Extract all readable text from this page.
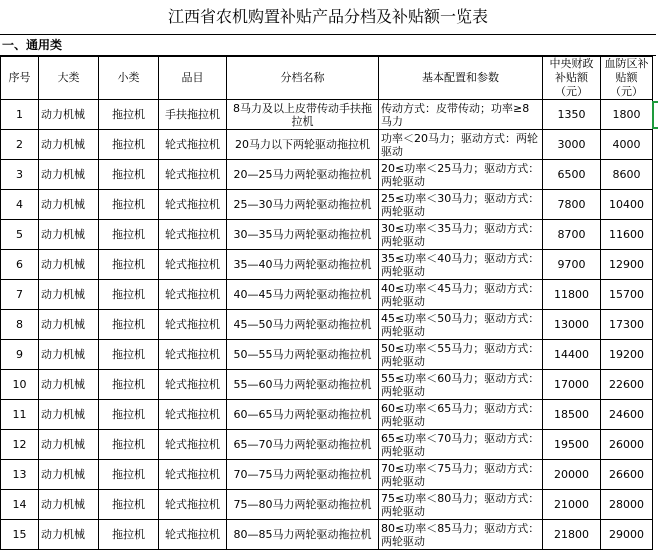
江西省农机购置补贴产品分档及补贴额一览表
一、通用类
序号	大类	小类	品目	分档名称	基本配置和参数	中央财政补贴额（元）	血防区补贴额（元）
1	动力机械	拖拉机	手扶拖拉机	8马力及以上皮带传动手扶拖拉机	传动方式：皮带传动；功率≥8马力	1350	1800
2	动力机械	拖拉机	轮式拖拉机	20马力以下两轮驱动拖拉机	功率＜20马力；驱动方式：两轮驱动	3000	4000
3	动力机械	拖拉机	轮式拖拉机	20—25马力两轮驱动拖拉机	20≤功率＜25马力；驱动方式：两轮驱动	6500	8600
4	动力机械	拖拉机	轮式拖拉机	25—30马力两轮驱动拖拉机	25≤功率＜30马力；驱动方式：两轮驱动	7800	10400
5	动力机械	拖拉机	轮式拖拉机	30—35马力两轮驱动拖拉机	30≤功率＜35马力；驱动方式：两轮驱动	8700	11600
6	动力机械	拖拉机	轮式拖拉机	35—40马力两轮驱动拖拉机	35≤功率＜40马力；驱动方式：两轮驱动	9700	12900
7	动力机械	拖拉机	轮式拖拉机	40—45马力两轮驱动拖拉机	40≤功率＜45马力；驱动方式：两轮驱动	11800	15700
8	动力机械	拖拉机	轮式拖拉机	45—50马力两轮驱动拖拉机	45≤功率＜50马力；驱动方式：两轮驱动	13000	17300
9	动力机械	拖拉机	轮式拖拉机	50—55马力两轮驱动拖拉机	50≤功率＜55马力；驱动方式：两轮驱动	14400	19200
10	动力机械	拖拉机	轮式拖拉机	55—60马力两轮驱动拖拉机	55≤功率＜60马力；驱动方式：两轮驱动	17000	22600
11	动力机械	拖拉机	轮式拖拉机	60—65马力两轮驱动拖拉机	60≤功率＜65马力；驱动方式：两轮驱动	18500	24600
12	动力机械	拖拉机	轮式拖拉机	65—70马力两轮驱动拖拉机	65≤功率＜70马力；驱动方式：两轮驱动	19500	26000
13	动力机械	拖拉机	轮式拖拉机	70—75马力两轮驱动拖拉机	70≤功率＜75马力；驱动方式：两轮驱动	20000	26600
14	动力机械	拖拉机	轮式拖拉机	75—80马力两轮驱动拖拉机	75≤功率＜80马力；驱动方式：两轮驱动	21000	28000
15	动力机械	拖拉机	轮式拖拉机	80—85马力两轮驱动拖拉机	80≤功率＜85马力；驱动方式：两轮驱动	21800	29000
